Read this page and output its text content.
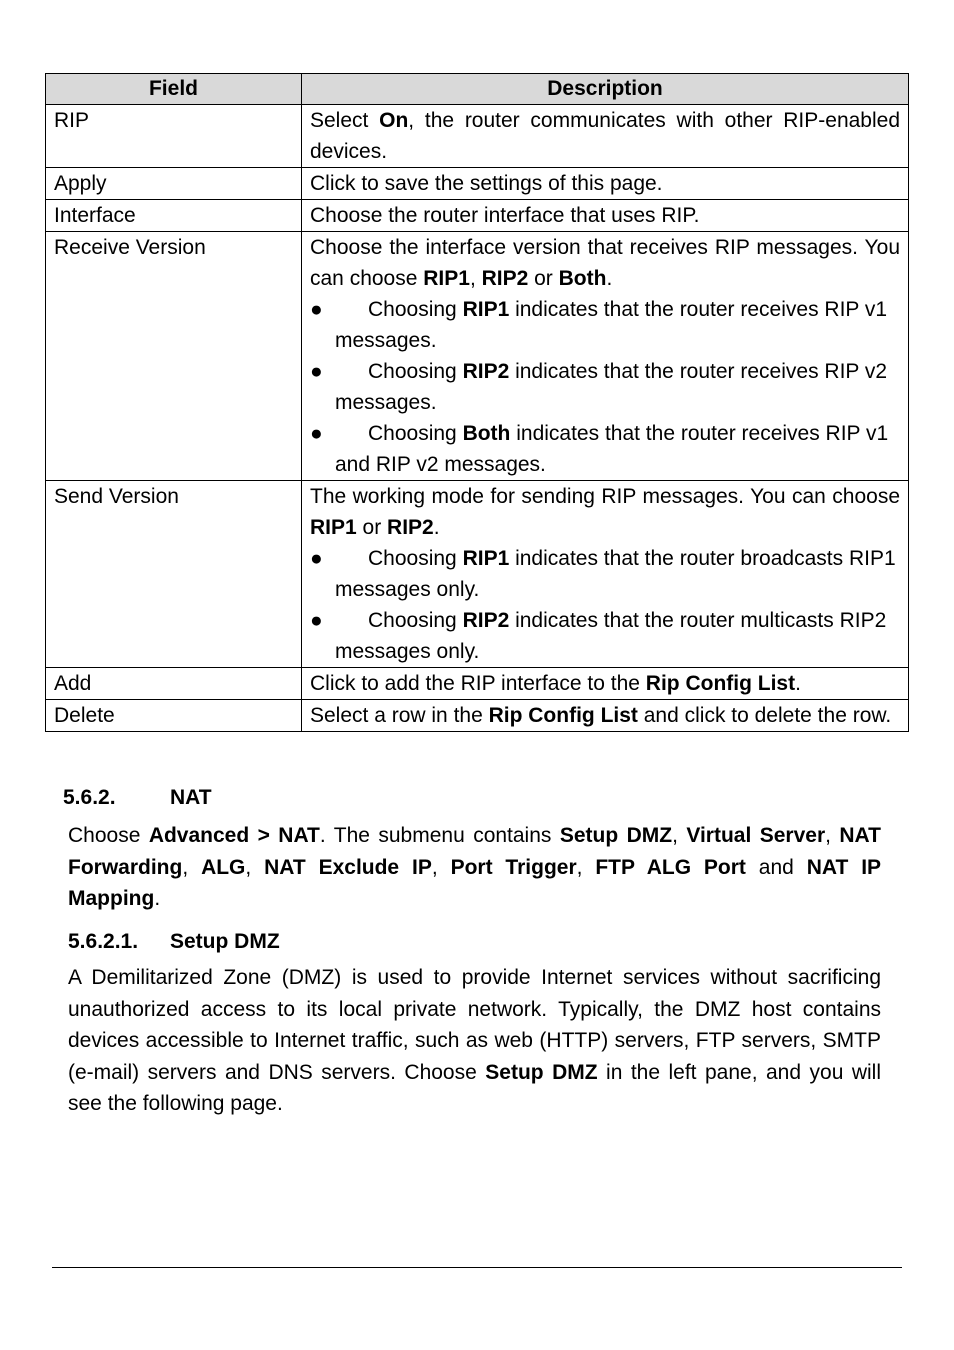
Field	Description
RIP	Select On, the router communicates with other RIP-enabled devices.
Apply	Click to save the settings of this page.
Interface	Choose the router interface that uses RIP.
Receive Version	Choose the interface version that receives RIP messages. You can choose RIP1, RIP2 or Both.
● Choosing RIP1 indicates that the router receives RIP v1 messages.
● Choosing RIP2 indicates that the router receives RIP v2 messages.
● Choosing Both indicates that the router receives RIP v1 and RIP v2 messages.

Send Version	The working mode for sending RIP messages. You can choose RIP1 or RIP2.
● Choosing RIP1 indicates that the router broadcasts RIP1 messages only.
● Choosing RIP2 indicates that the router multicasts RIP2 messages only.

Add	Click to add the RIP interface to the Rip Config List.
Delete	Select a row in the Rip Config List and click to delete the row.
5.6.2.	NAT

Choose Advanced > NAT. The submenu contains Setup DMZ, Virtual Server, NAT Forwarding, ALG, NAT Exclude IP, Port Trigger, FTP ALG Port and NAT IP Mapping.

5.6.2.1. Setup DMZ

A Demilitarized Zone (DMZ) is used to provide Internet services without sacrificing unauthorized access to its local private network. Typically, the DMZ host contains devices accessible to Internet traffic, such as web (HTTP) servers, FTP servers, SMTP (e-mail) servers and DNS servers. Choose Setup DMZ in the left pane, and you will see the following page.
